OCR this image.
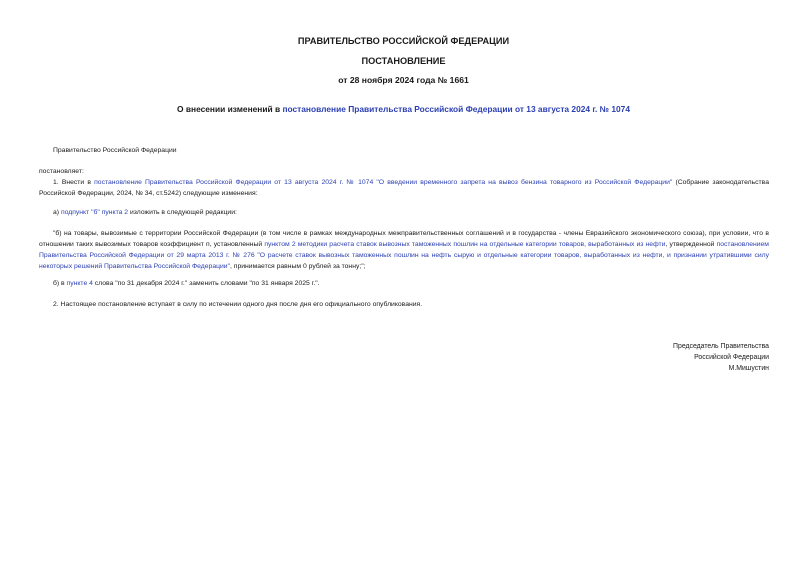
ПРАВИТЕЛЬСТВО РОССИЙСКОЙ ФЕДЕРАЦИИ
ПОСТАНОВЛЕНИЕ
от 28 ноября 2024 года № 1661
О внесении изменений в постановление Правительства Российской Федерации от 13 августа 2024 г. № 1074
Правительство Российской Федерации
постановляет:
1. Внести в постановление Правительства Российской Федерации от 13 августа 2024 г. № 1074 "О введении временного запрета на вывоз бензина товарного из Российской Федерации" (Собрание законодательства Российской Федерации, 2024, № 34, ст.5242) следующие изменения:
а) подпункт "б" пункта 2 изложить в следующей редакции:
"б) на товары, вывозимые с территории Российской Федерации (в том числе в рамках международных межправительственных соглашений и в государства - члены Евразийского экономического союза), при условии, что в отношении таких вывозимых товаров коэффициент п, установленный пунктом 2 методики расчета ставок вывозных таможенных пошлин на отдельные категории товаров, выработанных из нефти, утвержденной постановлением Правительства Российской Федерации от 29 марта 2013 г. № 276 "О расчете ставок вывозных таможенных пошлин на нефть сырую и отдельные категории товаров, выработанных из нефти, и признании утратившими силу некоторых решений Правительства Российской Федерации", принимается равным 0 рублей за тонну;";
б) в пункте 4 слова "по 31 декабря 2024 г." заменить словами "по 31 января 2025 г.".
2. Настоящее постановление вступает в силу по истечении одного дня после дня его официального опубликования.
Председатель Правительства
Российской Федерации
М.Мишустин
